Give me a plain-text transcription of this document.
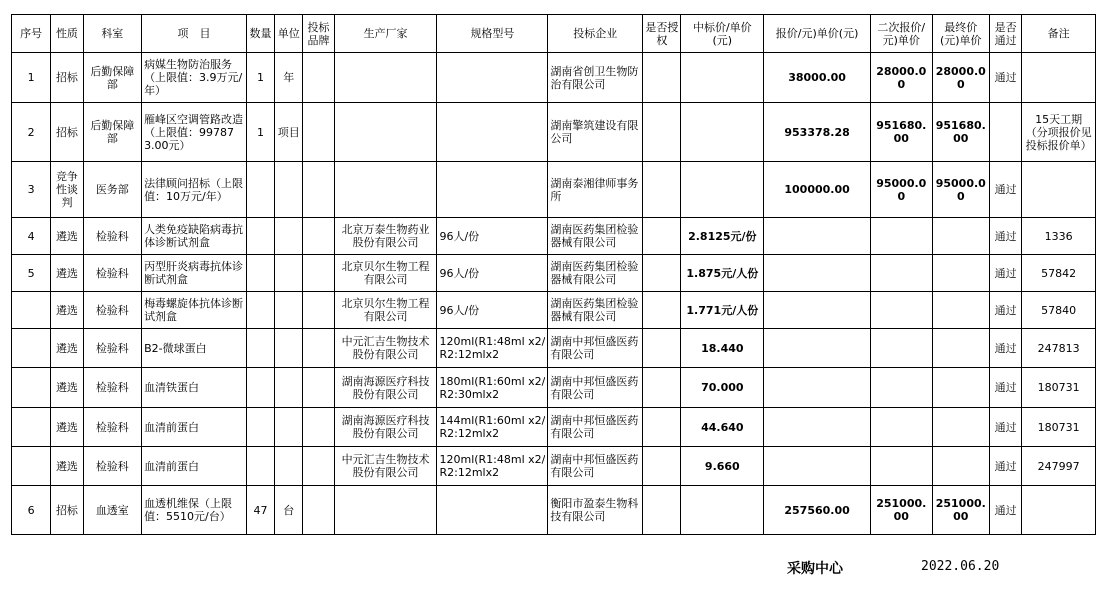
序号	性质	科室	项　目	数量	单位	投标品牌	生产厂家	规格型号	投标企业	是否授权	中标价/单价(元)	报价/元)单价(元)	二次报价/元)单价	最终价(元)单价	是否通过	备注

1	招标	后勤保障部	病媒生物防治服务（上限值：3.9万元/年）	1	年				湖南省创卫生物防治有限公司			38000.00	28000.00	28000.00	通过	

2	招标	后勤保障部	雁峰区空调管路改造（上限值：997873.00元）	1	项目				湖南擎筑建设有限公司			953378.28	951680.00	951680.00		15天工期（分项报价见投标报价单）

3	竞争性谈判	医务部	法律顾问招标（上限值：10万元/年）						湖南泰湘律师事务所			100000.00	95000.00	95000.00	通过	

4	遴选	检验科	人类免疫缺陷病毒抗体诊断试剂盒				北京万泰生物药业股份有限公司	96人/份	湖南医药集团检验器械有限公司		2.8125元/份				通过	1336

5	遴选	检验科	丙型肝炎病毒抗体诊断试剂盒				北京贝尔生物工程有限公司	96人/份	湖南医药集团检验器械有限公司		1.875元/人份				通过	57842

	遴选	检验科	梅毒螺旋体抗体诊断试剂盒				北京贝尔生物工程有限公司	96人/份	湖南医药集团检验器械有限公司		1.771元/人份				通过	57840

	遴选	检验科	B2-微球蛋白				中元汇吉生物技术股份有限公司	120ml(R1:48ml x2/R2:12mlx2	湖南中邦恒盛医药有限公司		18.440				通过	247813

	遴选	检验科	血清铁蛋白				湖南海源医疗科技股份有限公司	180ml(R1:60ml x2/R2:30mlx2	湖南中邦恒盛医药有限公司		70.000				通过	180731

	遴选	检验科	血清前蛋白				湖南海源医疗科技股份有限公司	144ml(R1:60ml x2/R2:12mlx2	湖南中邦恒盛医药有限公司		44.640				通过	180731

	遴选	检验科	血清前蛋白				中元汇吉生物技术股份有限公司	120ml(R1:48ml x2/R2:12mlx2	湖南中邦恒盛医药有限公司		9.660				通过	247997

6	招标	血透室	血透机维保（上限值：5510元/台）	47	台				衡阳市盈泰生物科技有限公司			257560.00	251000.00	251000.00	通过	

采购中心	2022.06.20
